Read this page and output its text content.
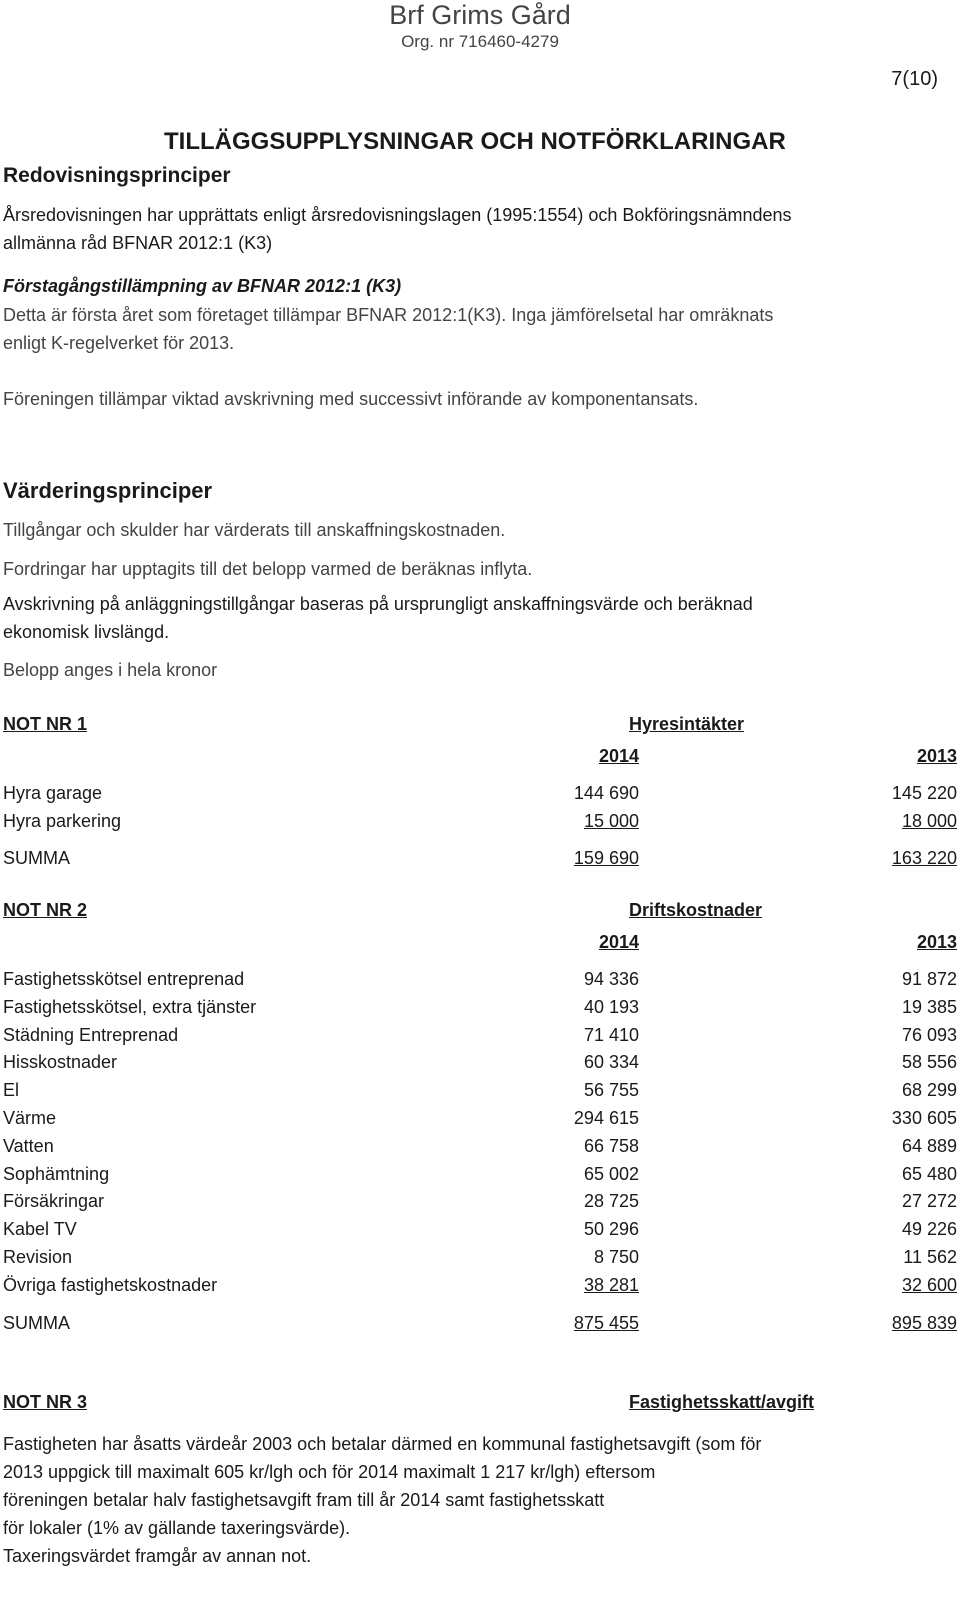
Brf Grims Gård
Org. nr 716460-4279
7(10)
TILLÄGGSUPPLYSNINGAR OCH NOTFÖRKLARINGAR
Redovisningsprinciper
Årsredovisningen har upprättats enligt årsredovisningslagen (1995:1554) och Bokföringsnämndens
allmänna råd BFNAR 2012:1 (K3)
Förstagångstillämpning av BFNAR 2012:1 (K3)
Detta är första året som företaget tillämpar BFNAR 2012:1(K3). Inga jämförelsetal har omräknats
enligt K-regelverket för 2013.
Föreningen tillämpar viktad avskrivning med successivt införande av komponentansats.
Värderingsprinciper
Tillgångar och skulder har värderats till anskaffningskostnaden.
Fordringar har upptagits till det belopp varmed de beräknas inflyta.
Avskrivning på anläggningstillgångar baseras på ursprungligt anskaffningsvärde och beräknad
ekonomisk livslängd.
Belopp anges i hela kronor
NOT NR 1	Hyresintäkter
2014	2013
Hyra garage	144 690	145 220
Hyra parkering	15 000	18 000
SUMMA	159 690	163 220
NOT NR 2	Driftskostnader
2014	2013
Fastighetsskötsel entreprenad	94 336	91 872
Fastighetsskötsel, extra tjänster	40 193	19 385
Städning Entreprenad	71 410	76 093
Hisskostnader	60 334	58 556
El	56 755	68 299
Värme	294 615	330 605
Vatten	66 758	64 889
Sophämtning	65 002	65 480
Försäkringar	28 725	27 272
Kabel TV	50 296	49 226
Revision	8 750	11 562
Övriga fastighetskostnader	38 281	32 600
SUMMA	875 455	895 839
NOT NR 3	Fastighetsskatt/avgift
Fastigheten har åsatts värdeår 2003 och betalar därmed en kommunal fastighetsavgift (som för
2013 uppgick till maximalt 605 kr/lgh och för 2014 maximalt 1 217 kr/lgh) eftersom
föreningen betalar halv fastighetsavgift fram till år 2014 samt fastighetsskatt
för lokaler (1% av gällande taxeringsvärde).
Taxeringsvärdet framgår av annan not.
